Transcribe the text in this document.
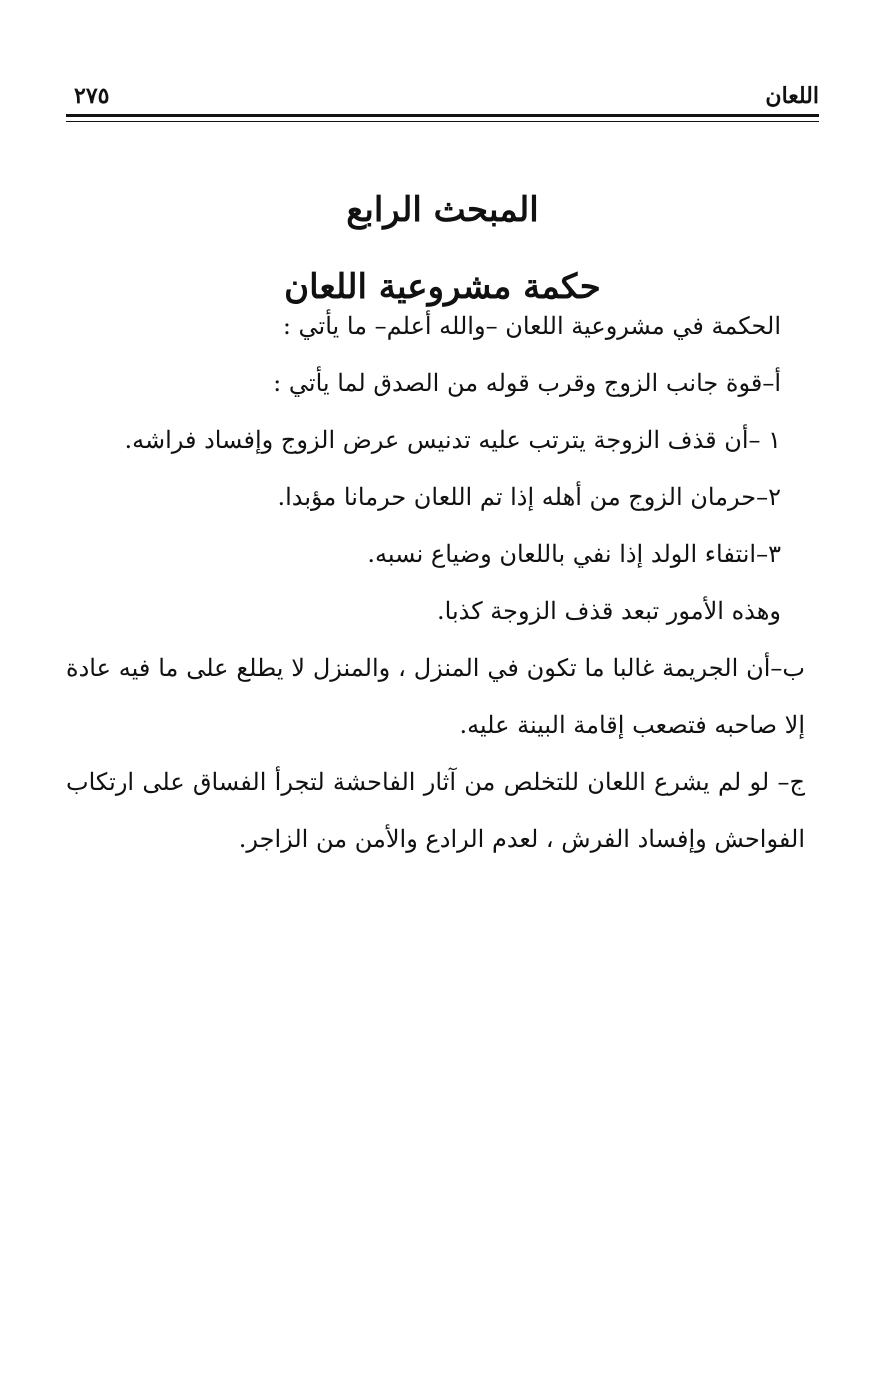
اللعان
٢٧٥
المبحث الرابع
حكمة مشروعية اللعان

الحكمة في مشروعية اللعان –والله أعلم– ما يأتي :

أ–قوة جانب الزوج وقرب قوله من الصدق لما يأتي :

١ –أن قذف الزوجة يترتب عليه تدنيس عرض الزوج وإفساد فراشه.

٢–حرمان الزوج من أهله إذا تم اللعان حرمانا مؤبدا.

٣–انتفاء الولد إذا نفي باللعان وضياع نسبه.

وهذه الأمور تبعد قذف الزوجة كذبا.

ب–أن الجريمة غالبا ما تكون في المنزل ، والمنزل لا يطلع على ما فيه عادة إلا صاحبه فتصعب إقامة البينة عليه.

ج– لو لم يشرع اللعان للتخلص من آثار الفاحشة لتجرأ الفساق على ارتكاب الفواحش وإفساد الفرش ، لعدم الرادع والأمن من الزاجر.
